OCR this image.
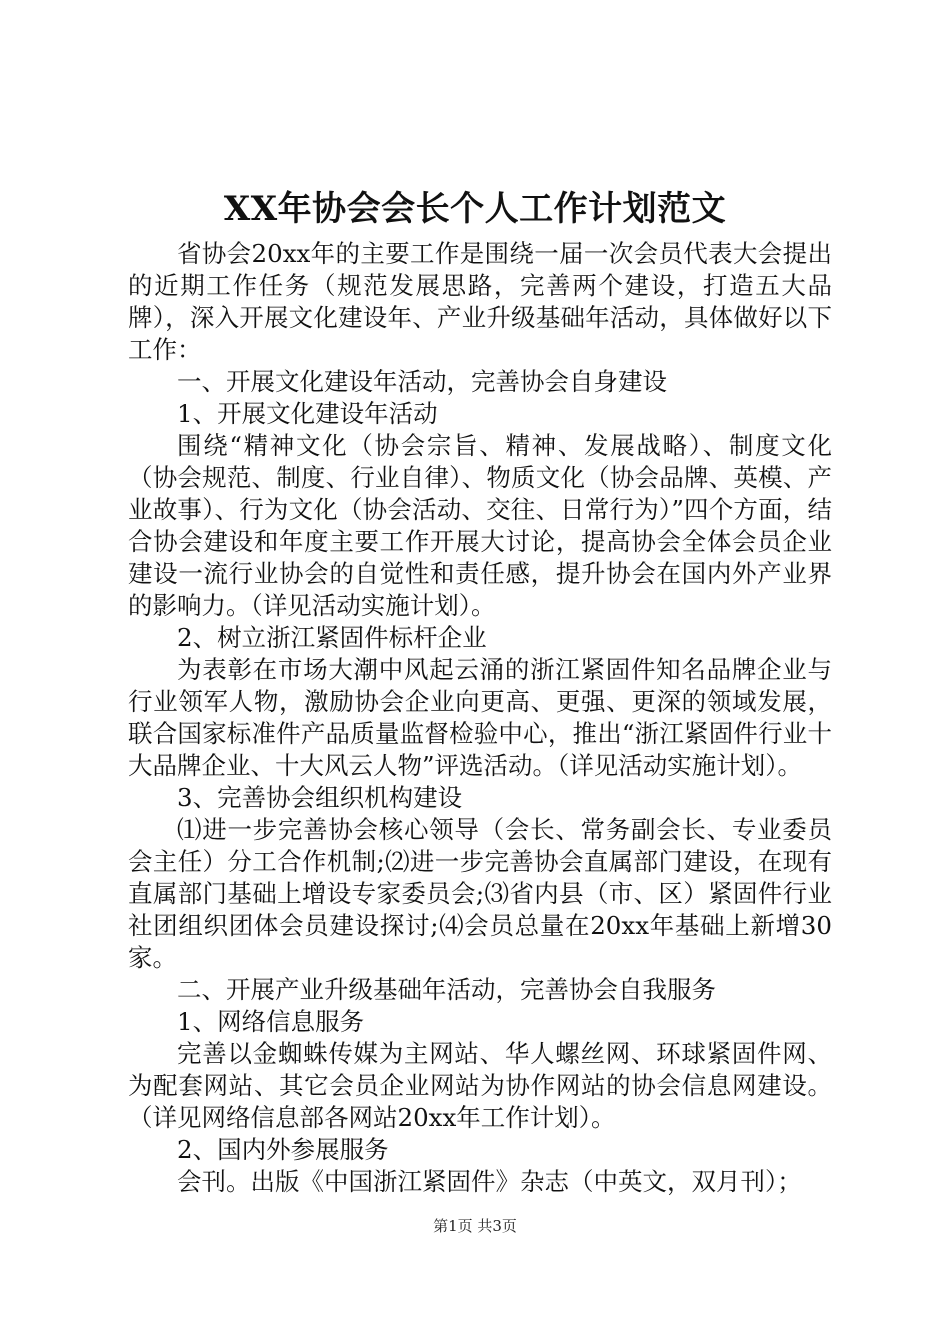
XX年协会会长个人工作计划范文

省协会20xx年的主要工作是围绕一届一次会员代表大会提出的近期工作任务（规范发展思路，完善两个建设，打造五大品牌），深入开展文化建设年、产业升级基础年活动，具体做好以下工作：

一、开展文化建设年活动，完善协会自身建设

1、开展文化建设年活动

围绕“精神文化（协会宗旨、精神、发展战略）、制度文化（协会规范、制度、行业自律）、物质文化（协会品牌、英模、产业故事）、行为文化（协会活动、交往、日常行为）”四个方面，结合协会建设和年度主要工作开展大讨论，提高协会全体会员企业建设一流行业协会的自觉性和责任感，提升协会在国内外产业界的影响力。（详见活动实施计划）。

2、树立浙江紧固件标杆企业

为表彰在市场大潮中风起云涌的浙江紧固件知名品牌企业与行业领军人物，激励协会企业向更高、更强、更深的领域发展，联合国家标准件产品质量监督检验中心，推出“浙江紧固件行业十大品牌企业、十大风云人物”评选活动。（详见活动实施计划）。

3、完善协会组织机构建设

⑴进一步完善协会核心领导（会长、常务副会长、专业委员会主任）分工合作机制;⑵进一步完善协会直属部门建设，在现有直属部门基础上增设专家委员会;⑶省内县（市、区）紧固件行业社团组织团体会员建设探讨;⑷会员总量在20xx年基础上新增30家。

二、开展产业升级基础年活动，完善协会自我服务

1、网络信息服务

完善以金蜘蛛传媒为主网站、华人螺丝网、环球紧固件网、为配套网站、其它会员企业网站为协作网站的协会信息网建设。（详见网络信息部各网站20xx年工作计划）。

2、国内外参展服务

会刊。出版《中国浙江紧固件》杂志（中英文，双月刊）；

第1页 共3页
